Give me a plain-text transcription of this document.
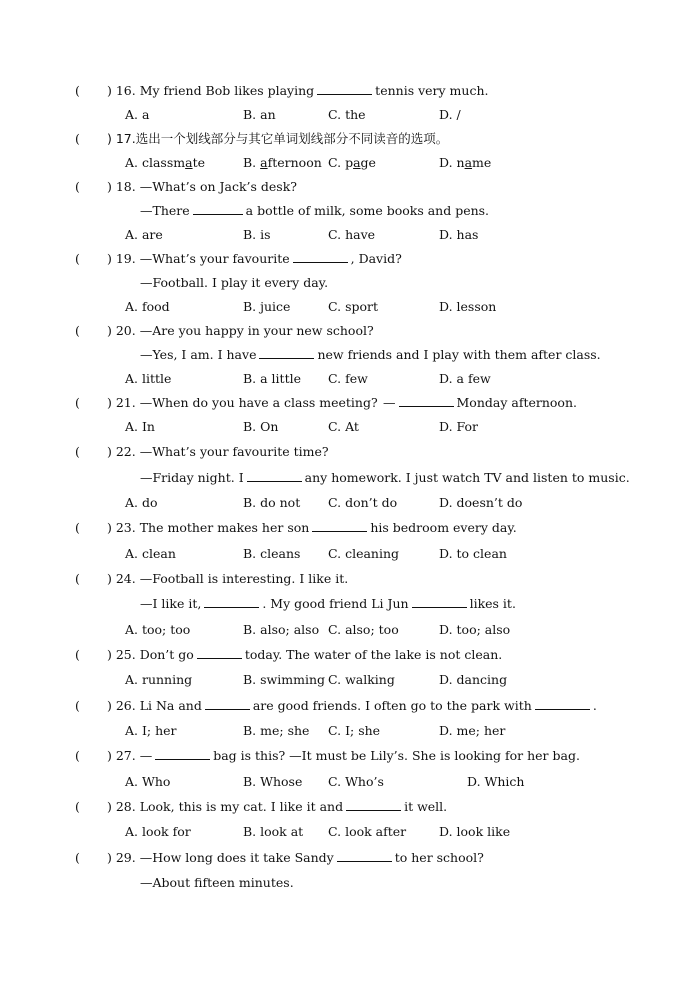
( ) 16. My friend Bob likes playing	tennis very much.
A. a	B. an	C. the	D. /
( ) 17.选出一个划线部分与其它单词划线部分不同读音的选项。
A. classmate	B. afternoon C. page	D. name
( ) 18. —What’s on Jack’s desk?
—There	a bottle of milk, some books and pens.
A. are	B. is	C. have	D. has
( ) 19. —What’s your favourite	, David?
—Football. I play it every day.
A. food	B. juice	C. sport	D. lesson
( ) 20. —Are you happy in your new school?
—Yes, I am. I have	new friends and I play with them after class.
A. little	B. a little C. few	D. a few
( ) 21. —When do you have a class meeting? —	Monday afternoon.
A. In	B. On	C. At	D. For
( ) 22. —What’s your favourite time?
—Friday night. I	any homework. I just watch TV and listen to music.
A. do	B. do not C. don’t do	D. doesn’t do
( ) 23. The mother makes her son	his bedroom every day.
A. clean	B. cleans C. cleaning	D. to clean
( ) 24. —Football is interesting. I like it.
—I like it,	. My good friend Li Jun	likes it.
A. too; too	B. also; also C. also; too	D. too; also
( ) 25. Don’t go	today. The water of the lake is not clean.
A. running	B. swimming C. walking	D. dancing
( ) 26. Li Na and	are good friends. I often go to the park with	.
A. I; her	B. me; she C. I; she	D. me; her
( ) 27. —	bag is this? —It must be Lily’s. She is looking for her bag.
A. Who	B. Whose C. Who’s	D. Which
( ) 28. Look, this is my cat. I like it and	it well.
A. look for	B. look at C. look after	D. look like
( ) 29. —How long does it take Sandy	to her school?
—About fifteen minutes.
